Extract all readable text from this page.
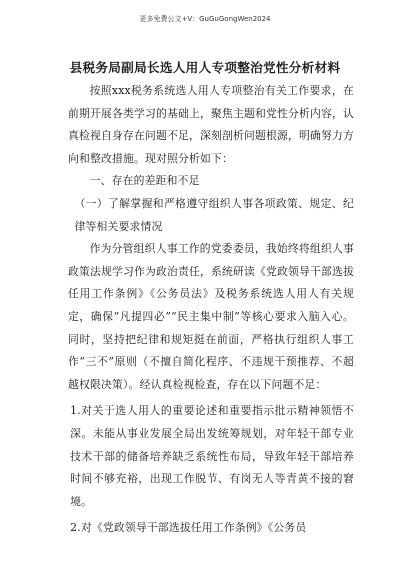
更多免费公文+V：GuGuGongWen2024
县税务局副局长选人用人专项整治党性分析材料

按照xxx税务系统选人用人专项整治有关工作要求，在前期开展各类学习的基础上，聚焦主题和党性分析内容，认真检视自身存在问题不足，深刻剖析问题根源，明确努力方向和整改措施。现对照分析如下：

一、存在的差距和不足

（一）了解掌握和严格遵守组织人事各项政策、规定、纪律等相关要求情况

作为分管组织人事工作的党委委员，我始终将组织人事政策法规学习作为政治责任，系统研读《党政领导干部选拔任用工作条例》《公务员法》及税务系统选人用人有关规定，确保“凡提四必”“民主集中制”等核心要求入脑入心。同时，坚持把纪律和规矩挺在前面，严格执行组织人事工作“三不”原则（不擅自简化程序、不违规干预推荐、不超越权限决策）。经认真检视检查，存在以下问题不足：

1.对关于选人用人的重要论述和重要指示批示精神领悟不深。未能从事业发展全局出发统筹规划，对年轻干部专业技术干部的储备培养缺乏系统性布局，导致年轻干部培养时间不够充裕，出现工作脱节、有岗无人等青黄不接的窘境。

2.对《党政领导干部选拔任用工作条例》《公务员
